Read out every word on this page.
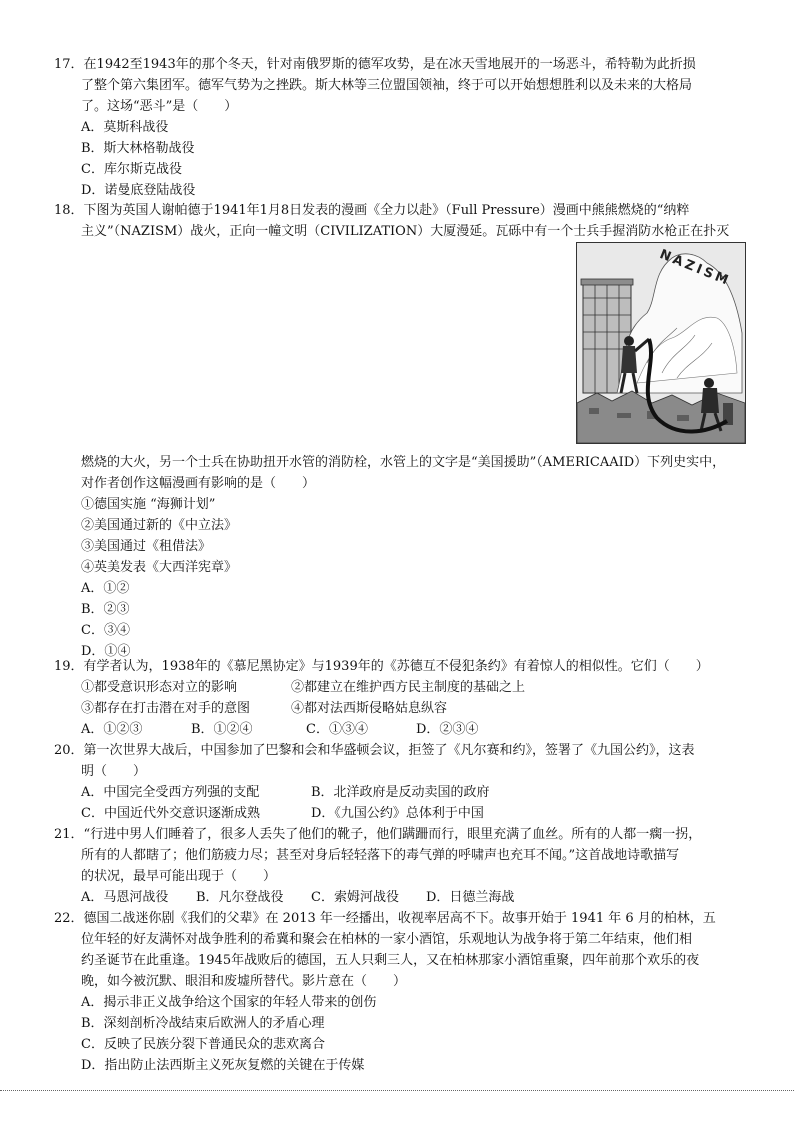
17．在1942至1943年的那个冬天，针对南俄罗斯的德军攻势，是在冰天雪地展开的一场恶斗，希特勒为此折损
了整个第六集团军。德军气势为之挫跌。斯大林等三位盟国领袖，终于可以开始想想胜利以及未来的大格局
了。这场“恶斗”是（　　）
A．莫斯科战役
B．斯大林格勒战役
C．库尔斯克战役
D．诺曼底登陆战役
18．下图为英国人谢帕德于1941年1月8日发表的漫画《全力以赴》（Full Pressure）漫画中熊熊燃烧的“纳粹
主义”（NAZISM）战火，正向一幢文明（CIVILIZATION）大厦漫延。瓦砾中有一个士兵手握消防水枪正在扑灭
NAZISM
燃烧的大火，另一个士兵在协助扭开水管的消防栓，水管上的文字是“美国援助”（AMERICAAID）下列史实中，
对作者创作这幅漫画有影响的是（　　）
①德国实施 “海狮计划”
②美国通过新的《中立法》
③美国通过《租借法》
④英美发表《大西洋宪章》
A．①②
B．②③
C．③④
D．①④
19．有学者认为，1938年的《慕尼黑协定》与1939年的《苏德互不侵犯条约》有着惊人的相似性。它们（　　）
①都受意识形态对立的影响	②都建立在维护西方民主制度的基础之上
③都存在打击潜在对手的意图	④都对法西斯侵略姑息纵容
A．①②③	B．①②④	C．①③④	D．②③④
20．第一次世界大战后，中国参加了巴黎和会和华盛顿会议，拒签了《凡尔赛和约》，签署了《九国公约》，这表
明（　　）
A．中国完全受西方列强的支配	B．北洋政府是反动卖国的政府
C．中国近代外交意识逐渐成熟	D．《九国公约》总体利于中国
21．“行进中男人们睡着了，很多人丢失了他们的靴子，他们蹒跚而行，眼里充满了血丝。所有的人都一瘸一拐，
所有的人都瞎了；他们筋疲力尽；甚至对身后轻轻落下的毒气弹的呼啸声也充耳不闻。”这首战地诗歌描写
的状况，最早可能出现于（　　）
A．马恩河战役 B．凡尔登战役 C．索姆河战役 D．日德兰海战
22．德国二战迷你剧《我们的父辈》在 2013 年一经播出，收视率居高不下。故事开始于 1941 年 6 月的柏林，五
位年轻的好友满怀对战争胜利的希冀和聚会在柏林的一家小酒馆，乐观地认为战争将于第二年结束，他们相
约圣诞节在此重逢。1945年战败后的德国，五人只剩三人，又在柏林那家小酒馆重聚，四年前那个欢乐的夜
晚，如今被沉默、眼泪和废墟所替代。影片意在（　　）
A．揭示非正义战争给这个国家的年轻人带来的创伤
B．深刻剖析冷战结束后欧洲人的矛盾心理
C．反映了民族分裂下普通民众的悲欢离合
D．指出防止法西斯主义死灰复燃的关键在于传媒
